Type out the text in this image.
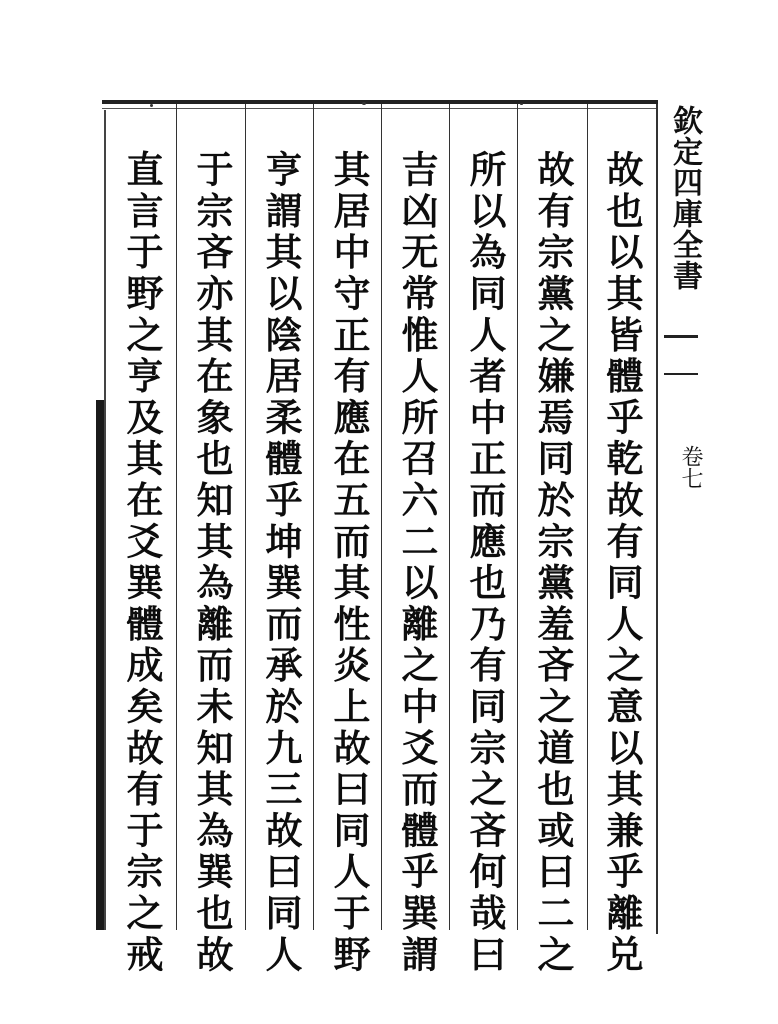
欽定四庫全書
卷七
故也以其皆體乎乾故有同人之意以其兼乎離兑
故有宗黨之嫌焉同於宗黨羞吝之道也或曰二之
所以為同人者中正而應也乃有同宗之吝何哉曰
吉凶无常惟人所召六二以離之中爻而體乎巽謂
其居中守正有應在五而其性炎上故曰同人于野
亨謂其以陰居柔體乎坤巽而承於九三故曰同人
于宗吝亦其在象也知其為離而未知其為巽也故
直言于野之亨及其在爻巽體成矣故有于宗之戒
